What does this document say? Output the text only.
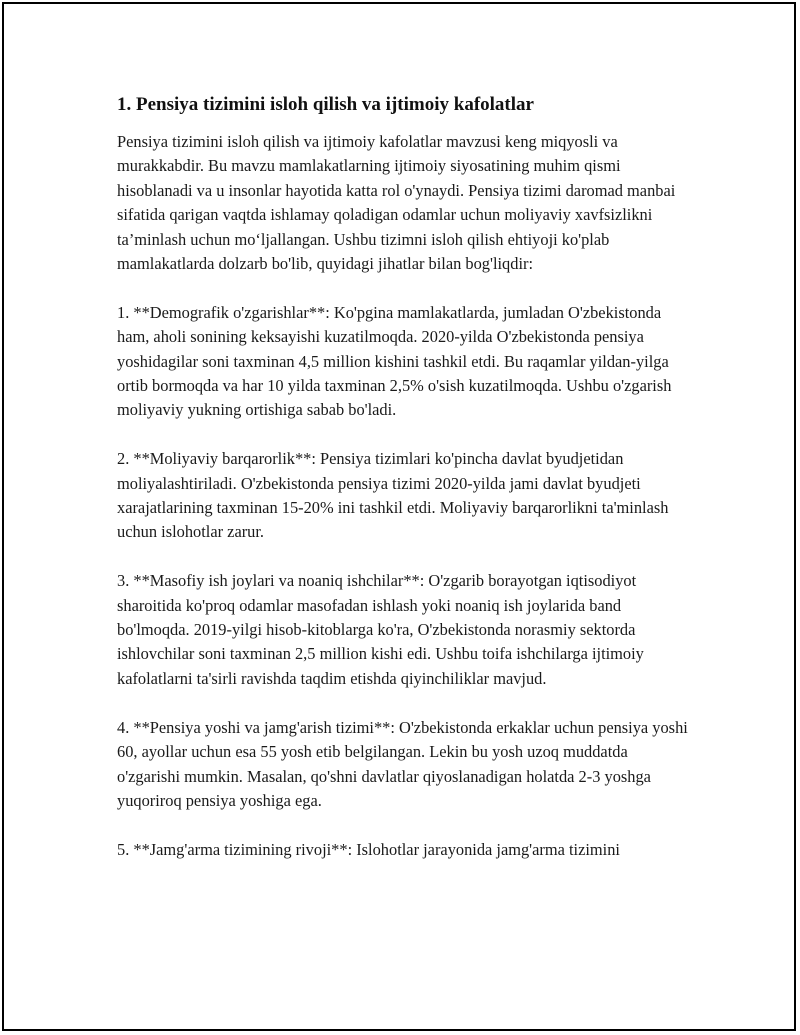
1. Pensiya tizimini isloh qilish va ijtimoiy kafolatlar

Pensiya tizimini isloh qilish va ijtimoiy kafolatlar mavzusi keng miqyosli va murakkabdir. Bu mavzu mamlakatlarning ijtimoiy siyosatining muhim qismi hisoblanadi va u insonlar hayotida katta rol o'ynaydi. Pensiya tizimi daromad manbai sifatida qarigan vaqtda ishlamay qoladigan odamlar uchun moliyaviy xavfsizlikni ta’minlash uchun mo‘ljallangan. Ushbu tizimni isloh qilish ehtiyoji ko'plab mamlakatlarda dolzarb bo'lib, quyidagi jihatlar bilan bog'liqdir:

1. **Demografik o'zgarishlar**: Ko'pgina mamlakatlarda, jumladan O'zbekistonda ham, aholi sonining keksayishi kuzatilmoqda. 2020-yilda O'zbekistonda pensiya yoshidagilar soni taxminan 4,5 million kishini tashkil etdi. Bu raqamlar yildan-yilga ortib bormoqda va har 10 yilda taxminan 2,5% o'sish kuzatilmoqda. Ushbu o'zgarish moliyaviy yukning ortishiga sabab bo'ladi.

2. **Moliyaviy barqarorlik**: Pensiya tizimlari ko'pincha davlat byudjetidan moliyalashtiriladi. O'zbekistonda pensiya tizimi 2020-yilda jami davlat byudjeti xarajatlarining taxminan 15-20% ini tashkil etdi. Moliyaviy barqarorlikni ta'minlash uchun islohotlar zarur.

3. **Masofiy ish joylari va noaniq ishchilar**: O'zgarib borayotgan iqtisodiyot sharoitida ko'proq odamlar masofadan ishlash yoki noaniq ish joylarida band bo'lmoqda. 2019-yilgi hisob-kitoblarga ko'ra, O'zbekistonda norasmiy sektorda ishlovchilar soni taxminan 2,5 million kishi edi. Ushbu toifa ishchilarga ijtimoiy kafolatlarni ta'sirli ravishda taqdim etishda qiyinchiliklar mavjud.

4. **Pensiya yoshi va jamg'arish tizimi**: O'zbekistonda erkaklar uchun pensiya yoshi 60, ayollar uchun esa 55 yosh etib belgilangan. Lekin bu yosh uzoq muddatda o'zgarishi mumkin. Masalan, qo'shni davlatlar qiyoslanadigan holatda 2-3 yoshga yuqoriroq pensiya yoshiga ega.

5. **Jamg'arma tizimining rivoji**: Islohotlar jarayonida jamg'arma tizimini
